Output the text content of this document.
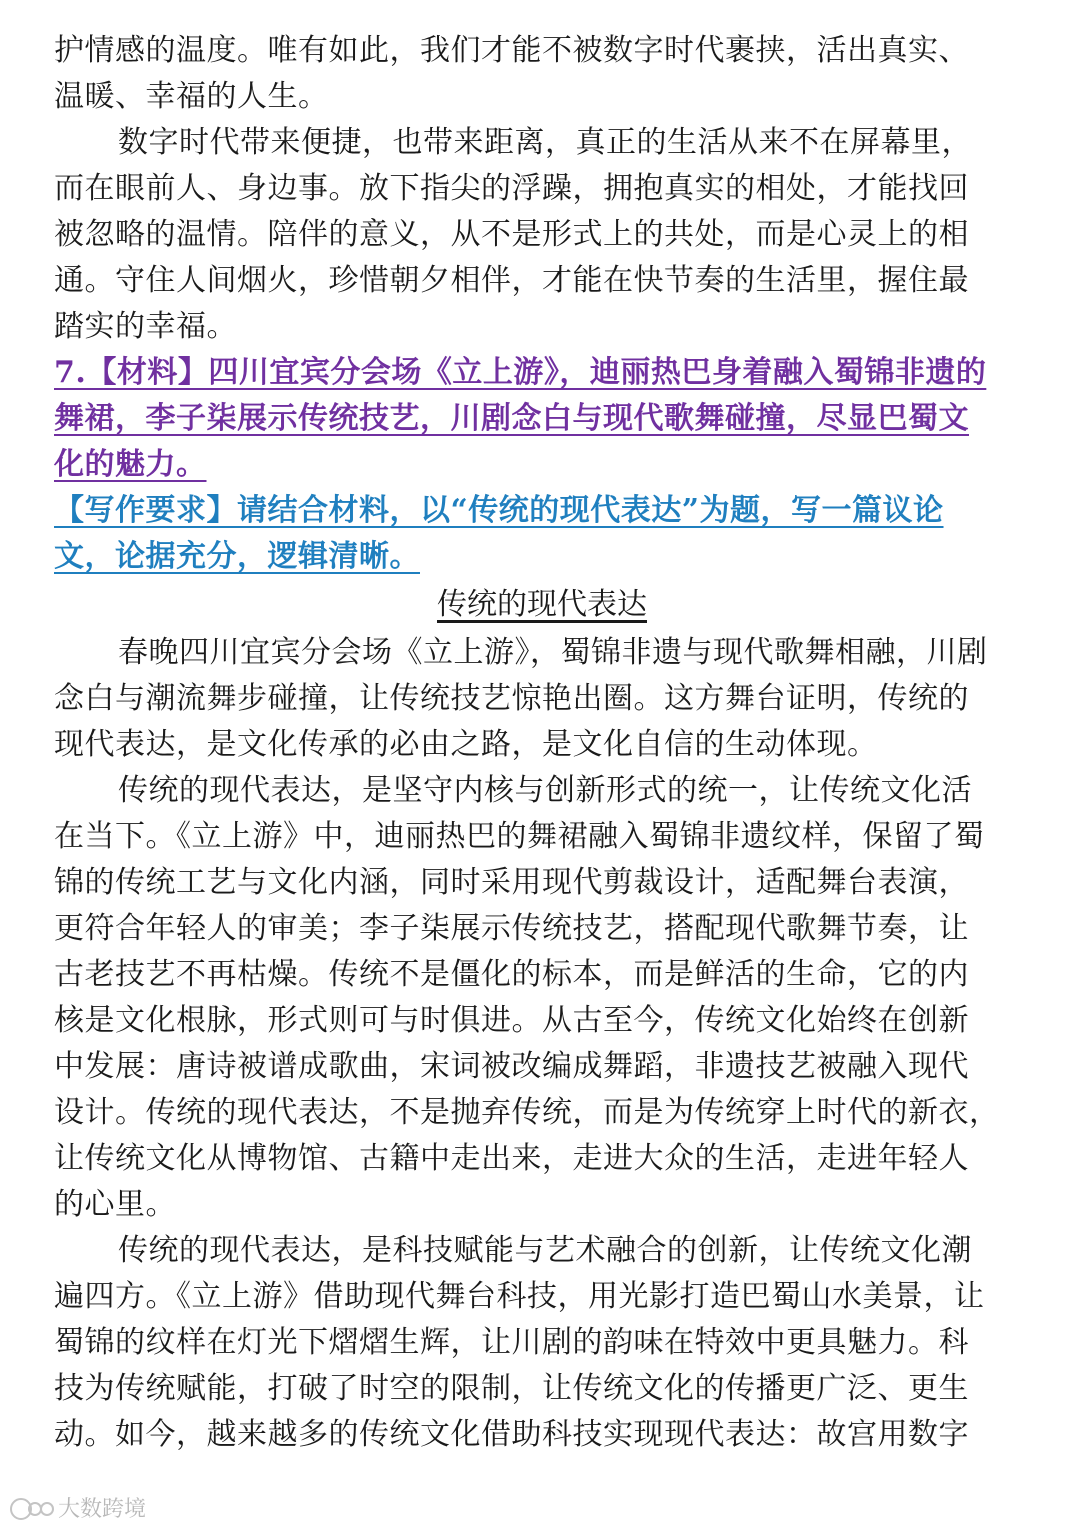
护情感的温度。唯有如此，我们才能不被数字时代裹挟，活出真实、
温暖、幸福的人生。
数字时代带来便捷，也带来距离，真正的生活从来不在屏幕里，
而在眼前人、身边事。放下指尖的浮躁，拥抱真实的相处，才能找回
被忽略的温情。陪伴的意义，从不是形式上的共处，而是心灵上的相
通。守住人间烟火，珍惜朝夕相伴，才能在快节奏的生活里，握住最
踏实的幸福。
7.【材料】四川宜宾分会场《立上游》，迪丽热巴身着融入蜀锦非遗的
舞裙，李子柒展示传统技艺，川剧念白与现代歌舞碰撞，尽显巴蜀文
化的魅力。
【写作要求】请结合材料，以“传统的现代表达”为题，写一篇议论
文，论据充分，逻辑清晰。
传统的现代表达
春晚四川宜宾分会场《立上游》，蜀锦非遗与现代歌舞相融，川剧
念白与潮流舞步碰撞，让传统技艺惊艳出圈。这方舞台证明，传统的
现代表达，是文化传承的必由之路，是文化自信的生动体现。
传统的现代表达，是坚守内核与创新形式的统一，让传统文化活
在当下。《立上游》中，迪丽热巴的舞裙融入蜀锦非遗纹样，保留了蜀
锦的传统工艺与文化内涵，同时采用现代剪裁设计，适配舞台表演，
更符合年轻人的审美；李子柒展示传统技艺，搭配现代歌舞节奏，让
古老技艺不再枯燥。传统不是僵化的标本，而是鲜活的生命，它的内
核是文化根脉，形式则可与时俱进。从古至今，传统文化始终在创新
中发展：唐诗被谱成歌曲，宋词被改编成舞蹈，非遗技艺被融入现代
设计。传统的现代表达，不是抛弃传统，而是为传统穿上时代的新衣，
让传统文化从博物馆、古籍中走出来，走进大众的生活，走进年轻人
的心里。
传统的现代表达，是科技赋能与艺术融合的创新，让传统文化潮
遍四方。《立上游》借助现代舞台科技，用光影打造巴蜀山水美景，让
蜀锦的纹样在灯光下熠熠生辉，让川剧的韵味在特效中更具魅力。科
技为传统赋能，打破了时空的限制，让传统文化的传播更广泛、更生
动。如今，越来越多的传统文化借助科技实现现代表达：故宫用数字
大数跨境
